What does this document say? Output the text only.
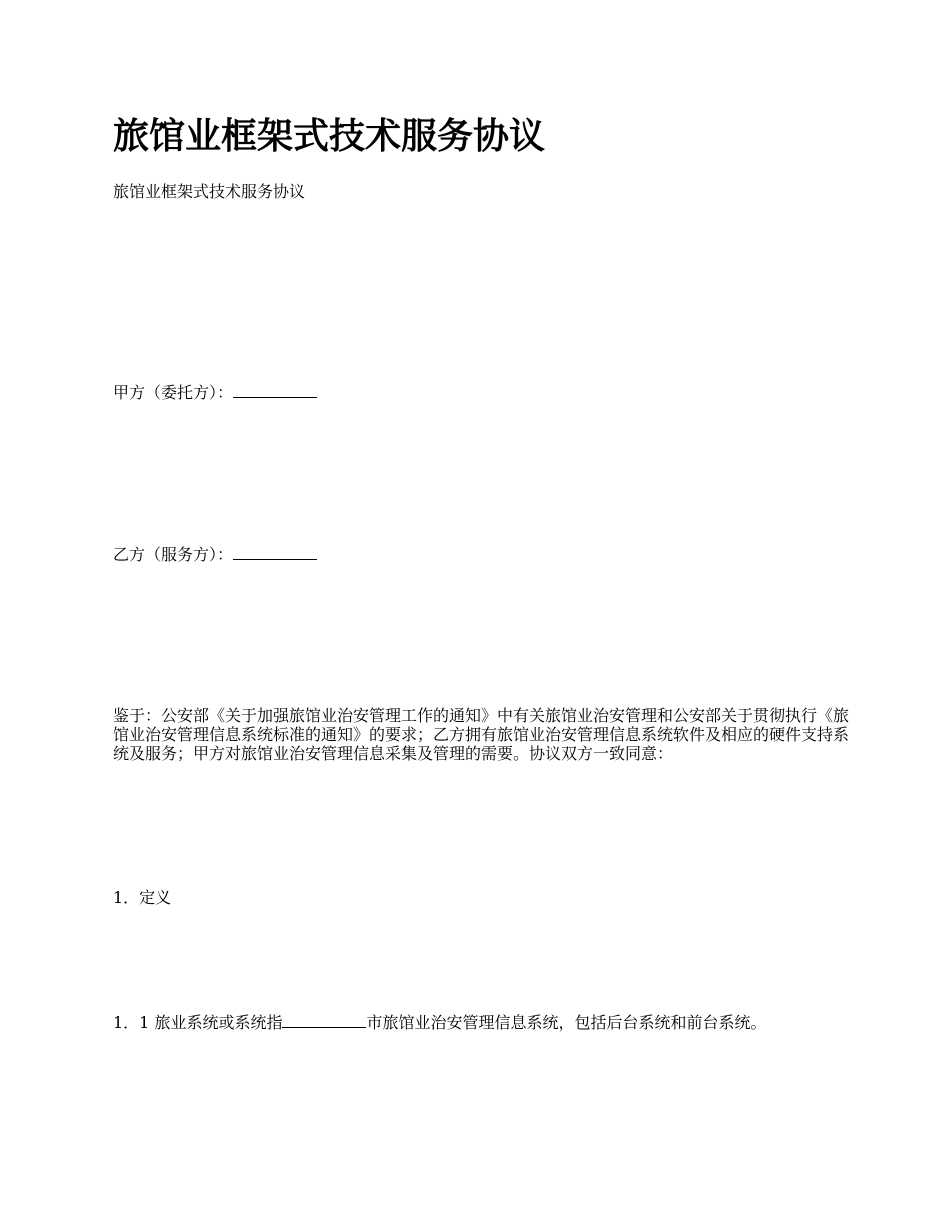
旅馆业框架式技术服务协议

旅馆业框架式技术服务协议

甲方（委托方）：

乙方（服务方）：

鉴于：公安部《关于加强旅馆业治安管理工作的通知》中有关旅馆业治安管理和公安部关于贯彻执行《旅馆业治安管理信息系统标准的通知》的要求；乙方拥有旅馆业治安管理信息系统软件及相应的硬件支持系统及服务；甲方对旅馆业治安管理信息采集及管理的需要。协议双方一致同意：

1．定义

1．1 旅业系统或系统指	市旅馆业治安管理信息系统，包括后台系统和前台系统。
